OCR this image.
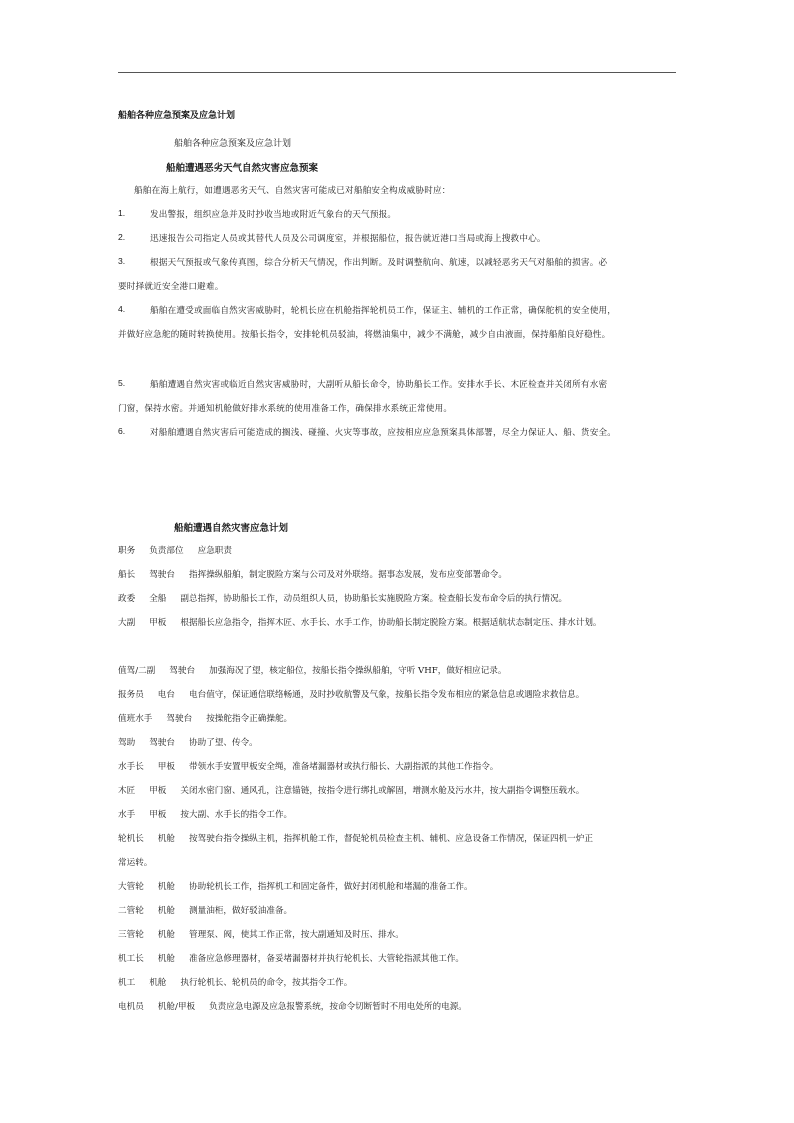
船舶各种应急预案及应急计划
船舶各种应急预案及应急计划
船舶遭遇恶劣天气自然灾害应急预案
船舶在海上航行，如遭遇恶劣天气、自然灾害可能成已对船舶安全构成威胁时应：
1.	发出警报，组织应急并及时抄收当地或附近气象台的天气预报。
2.	迅速报告公司指定人员或其替代人员及公司调度室，并根据船位，报告就近港口当局或海上搜救中心。
3.	根据天气预报或气象传真图，综合分析天气情况，作出判断。及时调整航向、航速，以减轻恶劣天气对船舶的损害。必
要时择就近安全港口避难。
4.	船舶在遭受或面临自然灾害威胁时，轮机长应在机舱指挥轮机员工作，保证主、辅机的工作正常，确保舵机的安全使用，
并做好应急舵的随时转换使用。按船长指令，安排轮机员驳油，将燃油集中，减少不满舱，减少自由液面，保持船舶良好稳性。
5.	船舶遭遇自然灾害或临近自然灾害威胁时，大副听从船长命令，协助船长工作。安排水手长、木匠检查并关闭所有水密
门窗，保持水密。并通知机舱做好排水系统的使用准备工作，确保排水系统正常使用。
6.	对船舶遭遇自然灾害后可能造成的搁浅、碰撞、火灾等事故，应按相应应急预案具体部署，尽全力保证人、船、货安全。
船舶遭遇自然灾害应急计划
职务 负责部位 应急职责
船长 驾驶台 指挥操纵船舶，制定脱险方案与公司及对外联络。据事态发展，发布应变部署命令。
政委 全船 副总指挥，协助船长工作，动员组织人员，协助船长实施脱险方案。检查船长发布命令后的执行情况。
大副 甲板 根据船长应急指令，指挥木匠、水手长、水手工作，协助船长制定脱险方案。根据适航状态制定压、排水计划。
值驾/二副 驾驶台 加强海况了望，核定船位，按船长指令操纵船舶，守听 VHF，做好相应记录。
报务员 电台 电台值守，保证通信联络畅通，及时抄收航警及气象，按船长指令发布相应的紧急信息或遇险求救信息。
值班水手 驾驶台 按操舵指令正确操舵。
驾助 驾驶台 协助了望、传令。
水手长 甲板 带领水手安置甲板安全绳，准备堵漏器材或执行船长、大副指派的其他工作指令。
木匠 甲板 关闭水密门窗、通风孔，注意锚链，按指令进行绑扎或解固，增测水舱及污水井，按大副指令调整压载水。
水手 甲板 按大副、水手长的指令工作。
轮机长 机舱 按驾驶台指令操纵主机，指挥机舱工作，督促轮机员检查主机、辅机、应急设备工作情况，保证四机一炉正
常运转。
大管轮 机舱 协助轮机长工作，指挥机工和固定备件，做好封闭机舱和堵漏的准备工作。
二管轮 机舱 测量油柜，做好驳油准备。
三管轮 机舱 管理泵、阀，使其工作正常，按大副通知及时压、排水。
机工长 机舱 准备应急修理器材，备妥堵漏器材并执行轮机长、大管轮指派其他工作。
机工 机舱 执行轮机长、轮机员的命令，按其指令工作。
电机员 机舱/甲板 负责应急电源及应急报警系统，按命令切断暂时不用电处所的电源。
